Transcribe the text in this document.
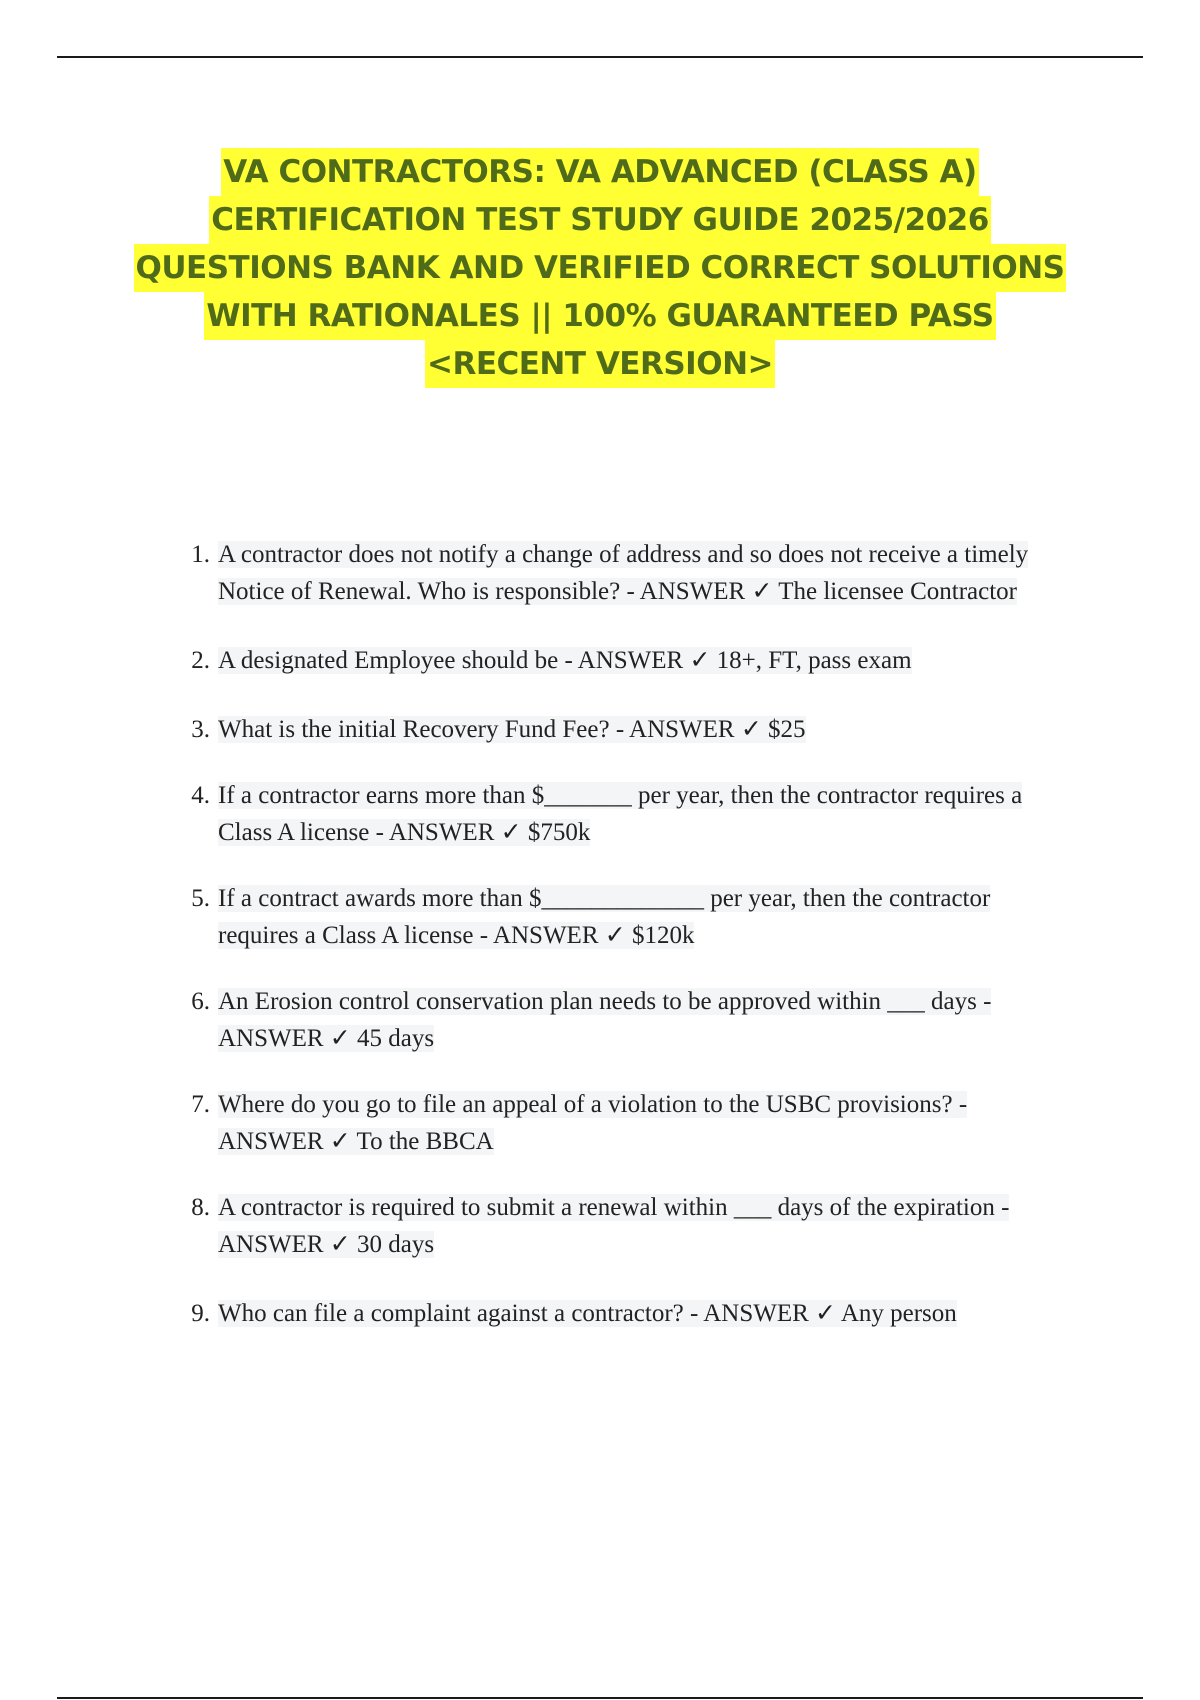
VA CONTRACTORS: VA ADVANCED (CLASS A)
CERTIFICATION TEST STUDY GUIDE 2025/2026
QUESTIONS BANK AND VERIFIED CORRECT SOLUTIONS
WITH RATIONALES || 100% GUARANTEED PASS
<RECENT VERSION>
1. A contractor does not notify a change of address and so does not receive a timely Notice of Renewal. Who is responsible? - ANSWER ✓ The licensee Contractor
2. A designated Employee should be - ANSWER ✓ 18+, FT, pass exam
3. What is the initial Recovery Fund Fee? - ANSWER ✓ $25
4. If a contractor earns more than $_______ per year, then the contractor requires a Class A license - ANSWER ✓ $750k
5. If a contract awards more than $_____________ per year, then the contractor requires a Class A license - ANSWER ✓ $120k
6. An Erosion control conservation plan needs to be approved within ___ days - ANSWER ✓ 45 days
7. Where do you go to file an appeal of a violation to the USBC provisions? - ANSWER ✓ To the BBCA
8. A contractor is required to submit a renewal within ___ days of the expiration - ANSWER ✓ 30 days
9. Who can file a complaint against a contractor? - ANSWER ✓ Any person
